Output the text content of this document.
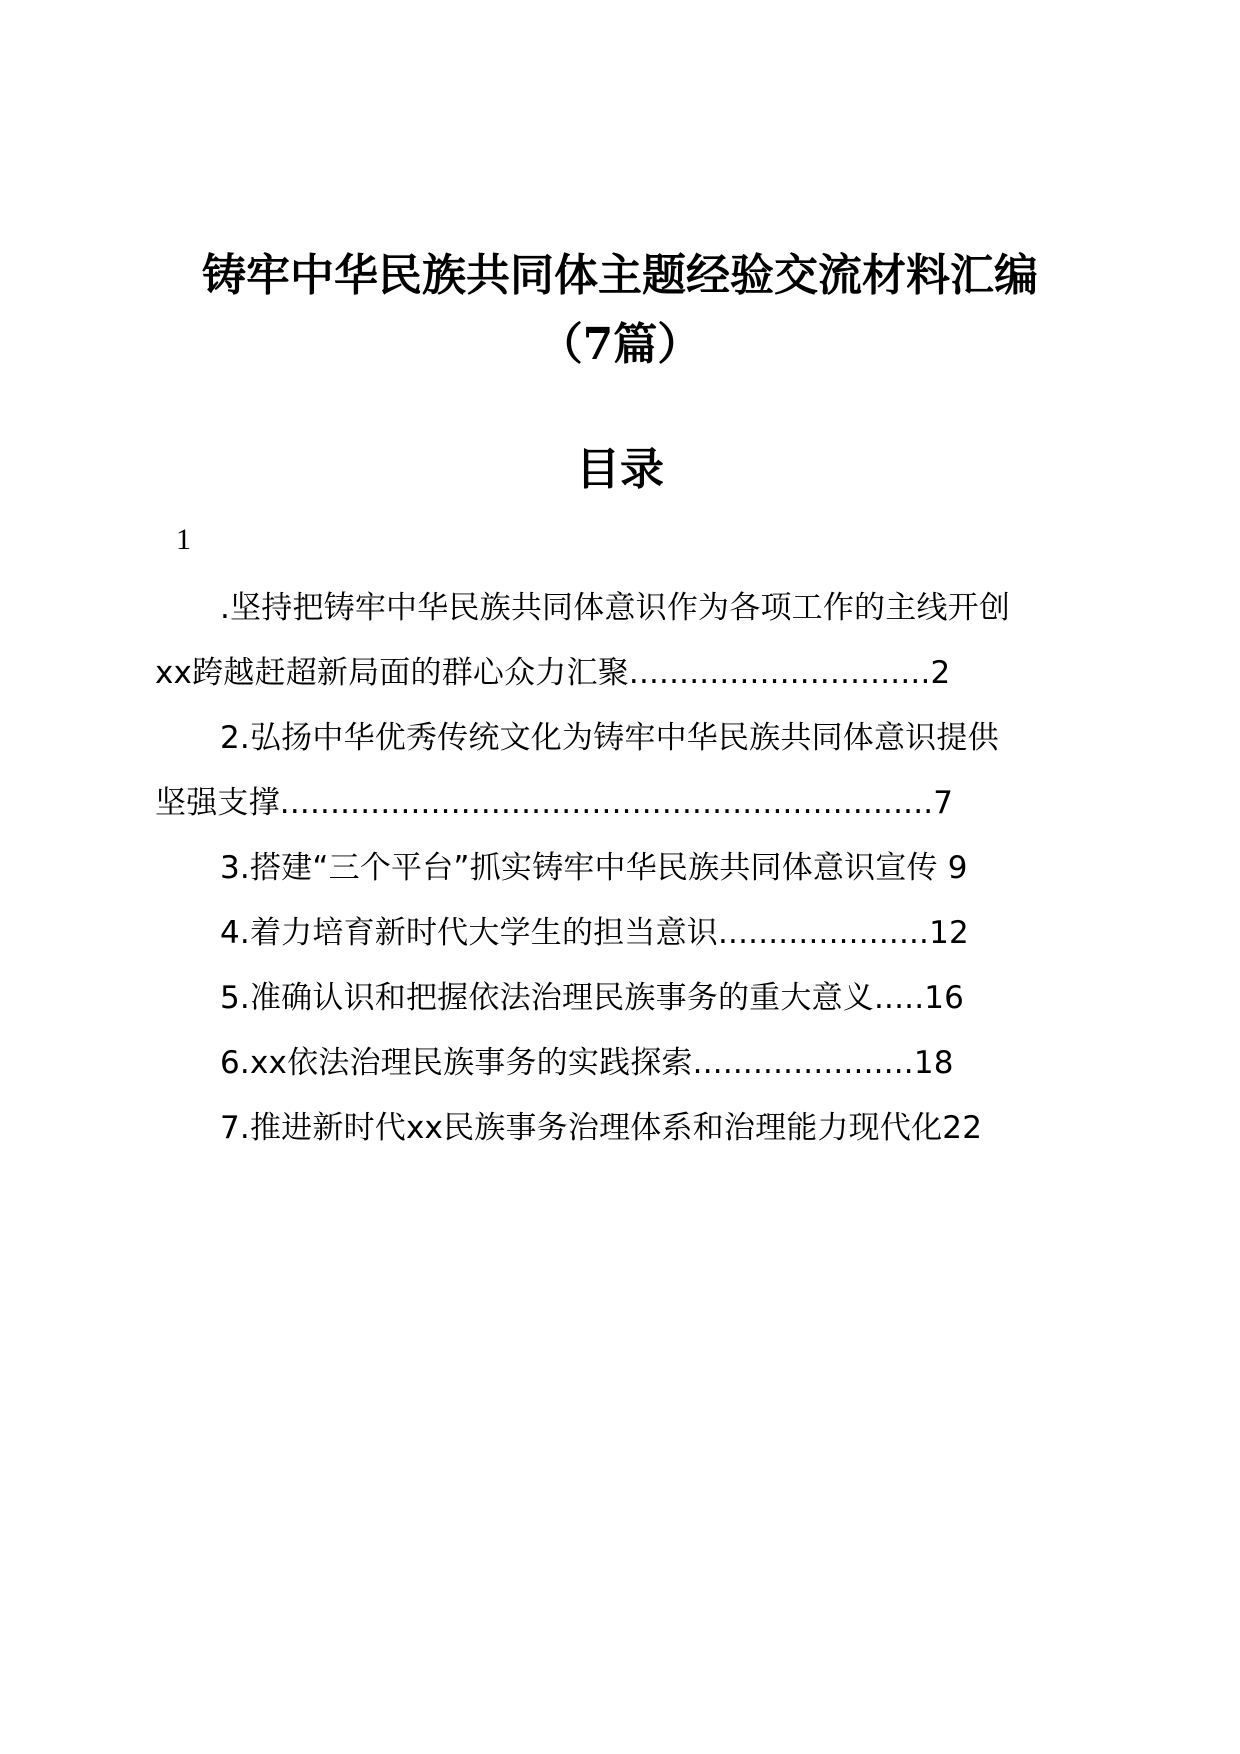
铸牢中华民族共同体主题经验交流材料汇编
（7篇）
目录
1
.坚持把铸牢中华民族共同体意识作为各项工作的主线开创
xx跨越赶超新局面的群心众力汇聚..............................2
2.弘扬中华优秀传统文化为铸牢中华民族共同体意识提供
坚强支撑.................................................................7
3.搭建“三个平台”抓实铸牢中华民族共同体意识宣传 9
4.着力培育新时代大学生的担当意识.....................12
5.准确认识和把握依法治理民族事务的重大意义.....16
6.xx依法治理民族事务的实践探索......................18
7.推进新时代xx民族事务治理体系和治理能力现代化22
